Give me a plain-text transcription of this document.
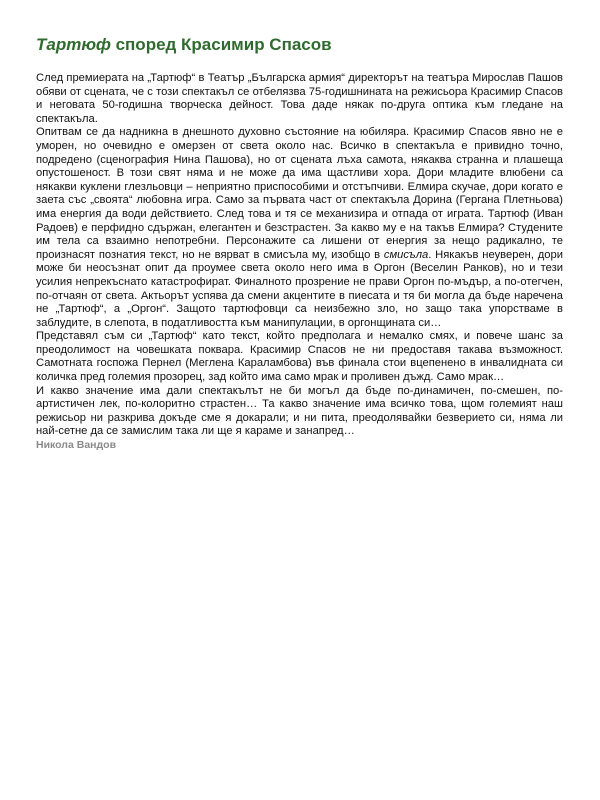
Тартюф според Красимир Спасов

След премиерата на „Тартюф“ в Театър „Българска армия“ директорът на театъра Мирослав Пашов обяви от сцената, че с този спектакъл се отбелязва 75-годишнината на режисьора Красимир Спасов и неговата 50-годишна творческа дейност. Това даде някак по-друга оптика към гледане на спектакъла.

Опитвам се да надникна в днешното духовно състояние на юбиляра. Красимир Спасов явно не е уморен, но очевидно е омерзен от света около нас. Всичко в спектакъла е привидно точно, подредено (сценография Нина Пашова), но от сцената лъха самота, някаква странна и плашеща опустошеност. В този свят няма и не може да има щастливи хора. Дори младите влюбени са някакви куклени глезльовци – неприятно приспособими и отстъпчиви. Елмира скучае, дори когато е заета със „своята“ любовна игра. Само за първата част от спектакъла Дорина (Гергана Плетньова) има енергия да води действието. След това и тя се механизира и отпада от играта. Тартюф (Иван Радоев) е перфидно сдържан, елегантен и безстрастен. За какво му е на такъв Елмира? Студените им тела са взаимно непотребни. Персонажите са лишени от енергия за нещо радикално, те произнасят познатия текст, но не вярват в смисъла му, изобщо в смисъла. Някакъв неуверен, дори може би неосъзнат опит да проумее света около него има в Оргон (Веселин Ранков), но и тези усилия непрекъснато катастрофират. Финалното прозрение не прави Оргон по-мъдър, а по-отегчен, по-отчаян от света. Актьорът успява да смени акцентите в пиесата и тя би могла да бъде наречена не „Тартюф“, а „Оргон“. Защото тартюфовци са неизбежно зло, но защо така упорстваме в заблудите, в слепота, в податливостта към манипулации, в оргонщината си…

Представял съм си „Тартюф“ като текст, който предполага и немалко смях, и повече шанс за преодолимост на човешката поквара. Красимир Спасов не ни предоставя такава възможност. Самотната госпожа Пернел (Меглена Караламбова) във финала стои вцепенено в инвалидната си количка пред големия прозорец, зад който има само мрак и проливен дъжд. Само мрак…

И какво значение има дали спектакълът не би могъл да бъде по-динамичен, по-смешен, по-артистичен лек, по-колоритно страстен… Та какво значение има всичко това, щом големият наш режисьор ни разкрива докъде сме я докарали; и ни пита, преодолявайки безверието си, няма ли най-сетне да се замислим така ли ще я караме и занапред…

Никола Вандов
